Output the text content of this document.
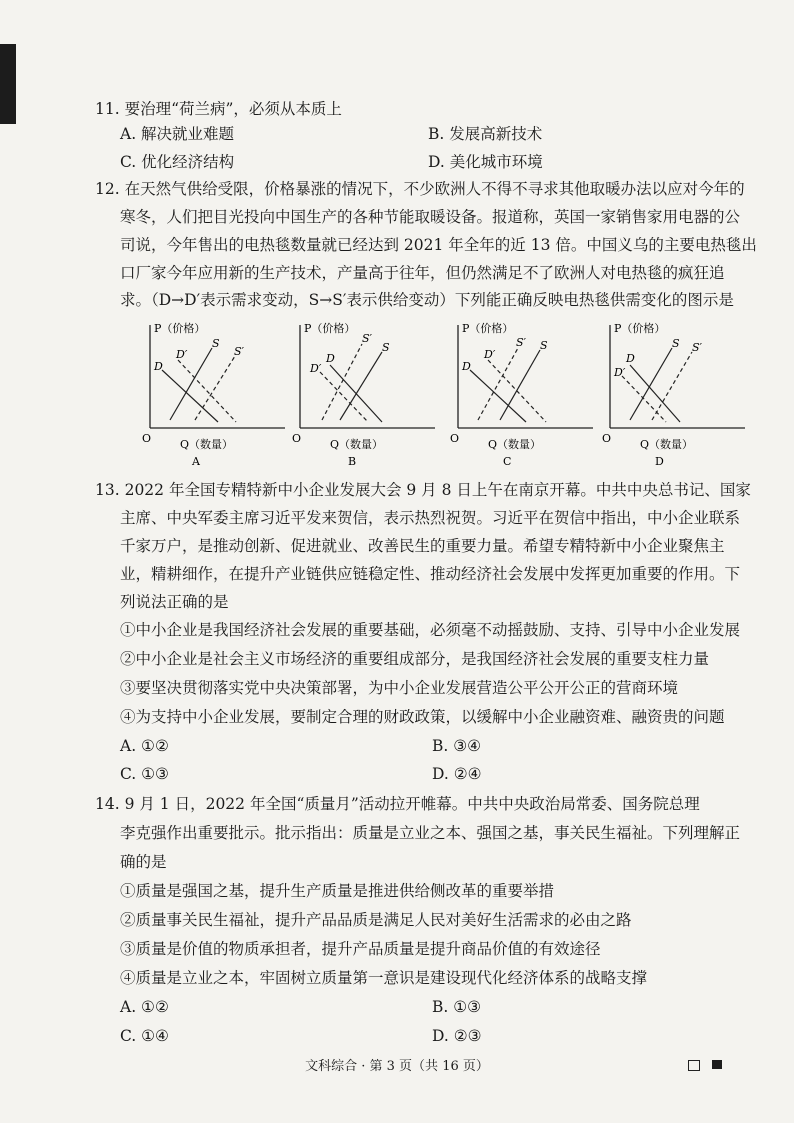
11. 要治理“荷兰病”，必须从本质上
A. 解决就业难题	B. 发展高新技术
C. 优化经济结构	D. 美化城市环境
12. 在天然气供给受限，价格暴涨的情况下，不少欧洲人不得不寻求其他取暖办法以应对今年的
寒冬，人们把目光投向中国生产的各种节能取暖设备。报道称，英国一家销售家用电器的公
司说，今年售出的电热毯数量就已经达到 2021 年全年的近 13 倍。中国义乌的主要电热毯出
口厂家今年应用新的生产技术，产量高于往年，但仍然满足不了欧洲人对电热毯的疯狂追
求。（D→D′表示需求变动，S→S′表示供给变动）下列能正确反映电热毯供需变化的图示是
P（价格）
Q（数量）
O
D
D′
S
S′
A
P（价格）
Q（数量）
O
D
D′
S′
S
B
P（价格）
Q（数量）
O
D
D′
S′ S
C
P（价格）
Q（数量）
O
D
D′
S S′
D
13. 2022 年全国专精特新中小企业发展大会 9 月 8 日上午在南京开幕。中共中央总书记、国家
主席、中央军委主席习近平发来贺信，表示热烈祝贺。习近平在贺信中指出，中小企业联系
千家万户，是推动创新、促进就业、改善民生的重要力量。希望专精特新中小企业聚焦主
业，精耕细作，在提升产业链供应链稳定性、推动经济社会发展中发挥更加重要的作用。下
列说法正确的是
①中小企业是我国经济社会发展的重要基础，必须毫不动摇鼓励、支持、引导中小企业发展
②中小企业是社会主义市场经济的重要组成部分，是我国经济社会发展的重要支柱力量
③要坚决贯彻落实党中央决策部署，为中小企业发展营造公平公开公正的营商环境
④为支持中小企业发展，要制定合理的财政政策，以缓解中小企业融资难、融资贵的问题
A. ①②	B. ③④
C. ①③	D. ②④
14. 9 月 1 日，2022 年全国“质量月”活动拉开帷幕。中共中央政治局常委、国务院总理
李克强作出重要批示。批示指出：质量是立业之本、强国之基，事关民生福祉。下列理解正
确的是
①质量是强国之基，提升生产质量是推进供给侧改革的重要举措
②质量事关民生福祉，提升产品品质是满足人民对美好生活需求的必由之路
③质量是价值的物质承担者，提升产品质量是提升商品价值的有效途径
④质量是立业之本，牢固树立质量第一意识是建设现代化经济体系的战略支撑
A. ①②	B. ①③
C. ①④	D. ②③
文科综合 · 第 3 页（共 16 页）
